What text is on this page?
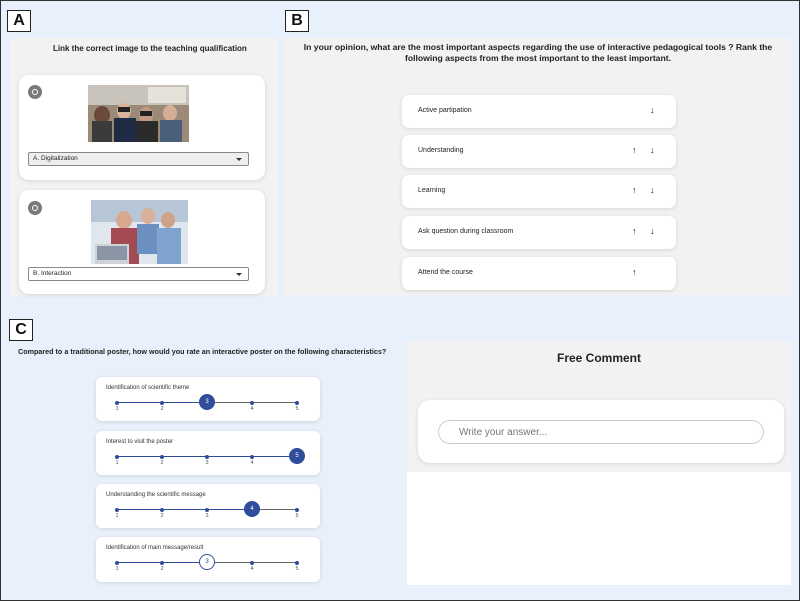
A
Link the correct image to the teaching qualification
A. Digitalization
B. Interaction
B
In your opinion, what are the most important aspects regarding the use of interactive pedagogical tools ? Rank the following aspects from the most important to the least important.
Active partipation	↓
Understanding	↑ ↓
Learning	↑ ↓
Ask question during classroom	↑ ↓
Attend the course	↑
C
Compared to a traditional poster, how would you rate an interactive poster on the following characteristics?
Identification of scientific theme
1	2	4	5
3
Interest to visit the poster
1	2	3	4
5
Understanding the scientific message
1	2	3	5
4
Identification of main message/result
1	2	4	5
3
Free Comment
Write your answer...
